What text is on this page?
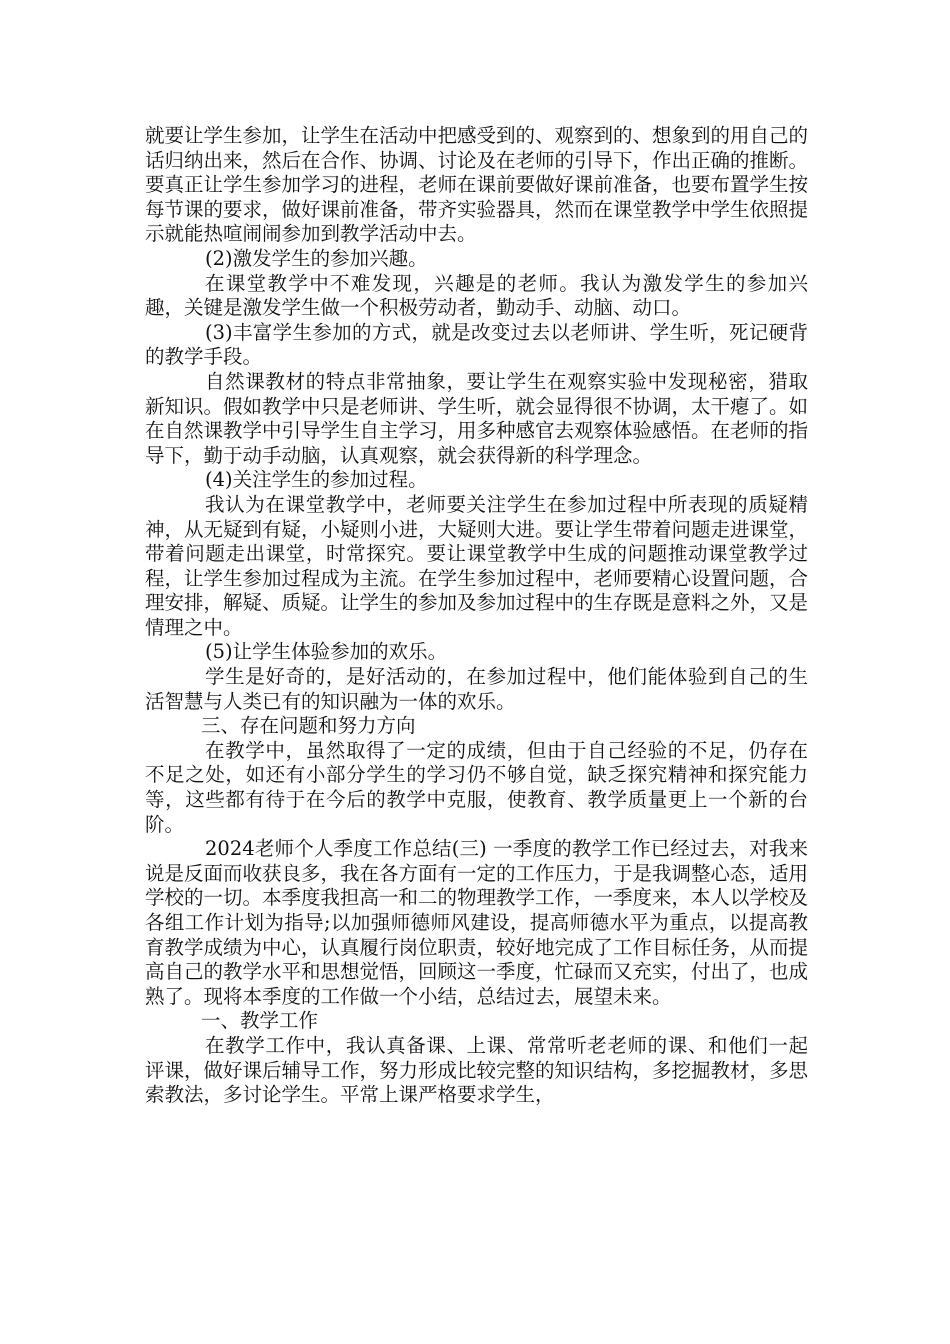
就要让学生参加，让学生在活动中把感受到的、观察到的、想象到的用自己的话归纳出来，然后在合作、协调、讨论及在老师的引导下，作出正确的推断。要真正让学生参加学习的进程，老师在课前要做好课前准备，也要布置学生按每节课的要求，做好课前准备，带齐实验器具，然而在课堂教学中学生依照提示就能热喧闹闹参加到教学活动中去。

(2)激发学生的参加兴趣。

在课堂教学中不难发现，兴趣是的老师。我认为激发学生的参加兴趣，关键是激发学生做一个积极劳动者，勤动手、动脑、动口。

(3)丰富学生参加的方式，就是改变过去以老师讲、学生听，死记硬背的教学手段。

自然课教材的特点非常抽象，要让学生在观察实验中发现秘密，猎取新知识。假如教学中只是老师讲、学生听，就会显得很不协调，太干瘪了。如在自然课教学中引导学生自主学习，用多种感官去观察体验感悟。在老师的指导下，勤于动手动脑，认真观察，就会获得新的科学理念。

(4)关注学生的参加过程。

我认为在课堂教学中，老师要关注学生在参加过程中所表现的质疑精神，从无疑到有疑，小疑则小进，大疑则大进。要让学生带着问题走进课堂，带着问题走出课堂，时常探究。要让课堂教学中生成的问题推动课堂教学过程，让学生参加过程成为主流。在学生参加过程中，老师要精心设置问题，合理安排，解疑、质疑。让学生的参加及参加过程中的生存既是意料之外，又是情理之中。

(5)让学生体验参加的欢乐。

学生是好奇的，是好活动的，在参加过程中，他们能体验到自己的生活智慧与人类已有的知识融为一体的欢乐。

三、存在问题和努力方向

在教学中，虽然取得了一定的成绩，但由于自己经验的不足，仍存在不足之处，如还有小部分学生的学习仍不够自觉，缺乏探究精神和探究能力等，这些都有待于在今后的教学中克服，使教育、教学质量更上一个新的台阶。

2024老师个人季度工作总结(三) 一季度的教学工作已经过去，对我来说是反面而收获良多，我在各方面有一定的工作压力，于是我调整心态，适用学校的一切。本季度我担高一和二的物理教学工作，一季度来，本人以学校及各组工作计划为指导;以加强师德师风建设，提高师德水平为重点，以提高教育教学成绩为中心，认真履行岗位职责，较好地完成了工作目标任务，从而提高自己的教学水平和思想觉悟，回顾这一季度，忙碌而又充实，付出了，也成熟了。现将本季度的工作做一个小结，总结过去，展望未来。

一、教学工作

在教学工作中，我认真备课、上课、常常听老老师的课、和他们一起评课，做好课后辅导工作，努力形成比较完整的知识结构，多挖掘教材，多思索教法，多讨论学生。平常上课严格要求学生，
